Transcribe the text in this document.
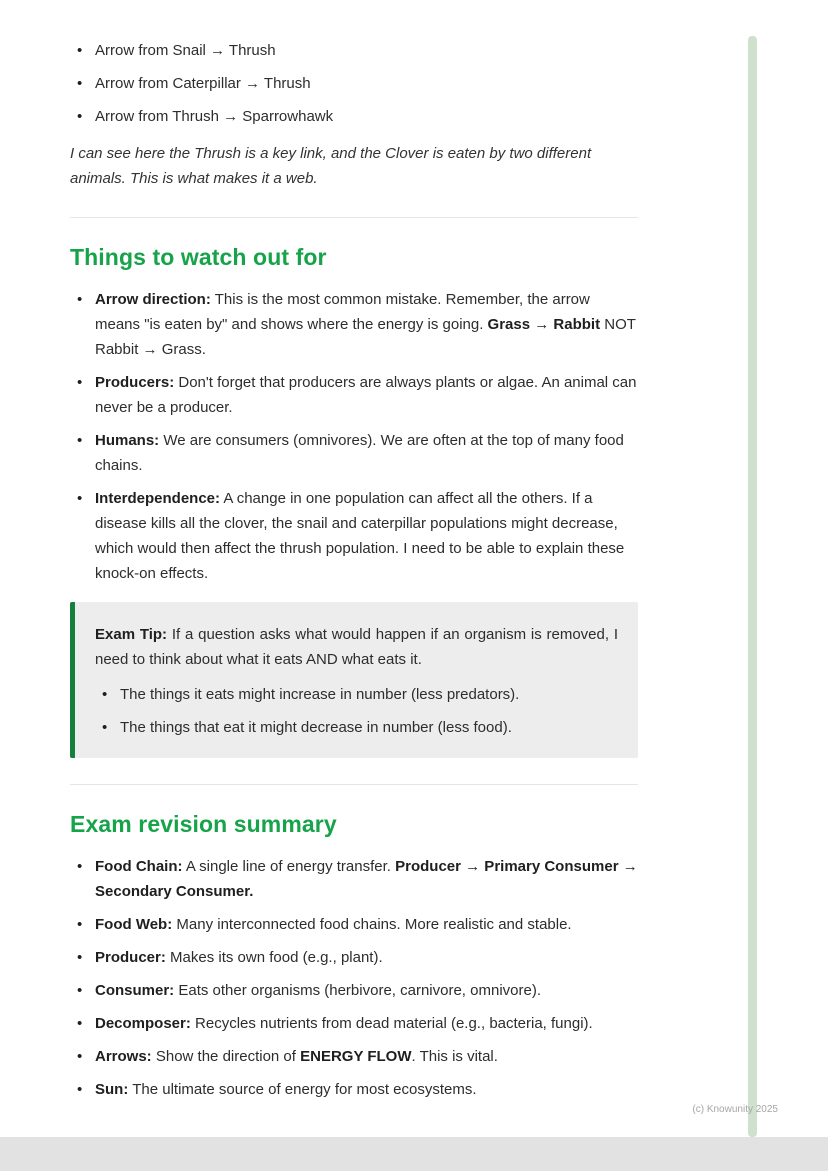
• Arrow from Snail → Thrush
• Arrow from Caterpillar → Thrush
• Arrow from Thrush → Sparrowhawk

I can see here the Thrush is a key link, and the Clover is eaten by two different animals. This is what makes it a web.

Things to watch out for
• Arrow direction: This is the most common mistake. Remember, the arrow means "is eaten by" and shows where the energy is going. Grass → Rabbit NOT Rabbit → Grass.
• Producers: Don't forget that producers are always plants or algae. An animal can never be a producer.
• Humans: We are consumers (omnivores). We are often at the top of many food chains.
• Interdependence: A change in one population can affect all the others. If a disease kills all the clover, the snail and caterpillar populations might decrease, which would then affect the thrush population. I need to be able to explain these knock-on effects.

Exam Tip: If a question asks what would happen if an organism is removed, I need to think about what it eats AND what eats it.

• The things it eats might increase in number (less predators).
• The things that eat it might decrease in number (less food).
Exam revision summary
• Food Chain: A single line of energy transfer. Producer → Primary Consumer → Secondary Consumer.
• Food Web: Many interconnected food chains. More realistic and stable.
• Producer: Makes its own food (e.g., plant).
• Consumer: Eats other organisms (herbivore, carnivore, omnivore).
• Decomposer: Recycles nutrients from dead material (e.g., bacteria, fungi).
• Arrows: Show the direction of ENERGY FLOW. This is vital.
• Sun: The ultimate source of energy for most ecosystems.
(c) Knowunity 2025
